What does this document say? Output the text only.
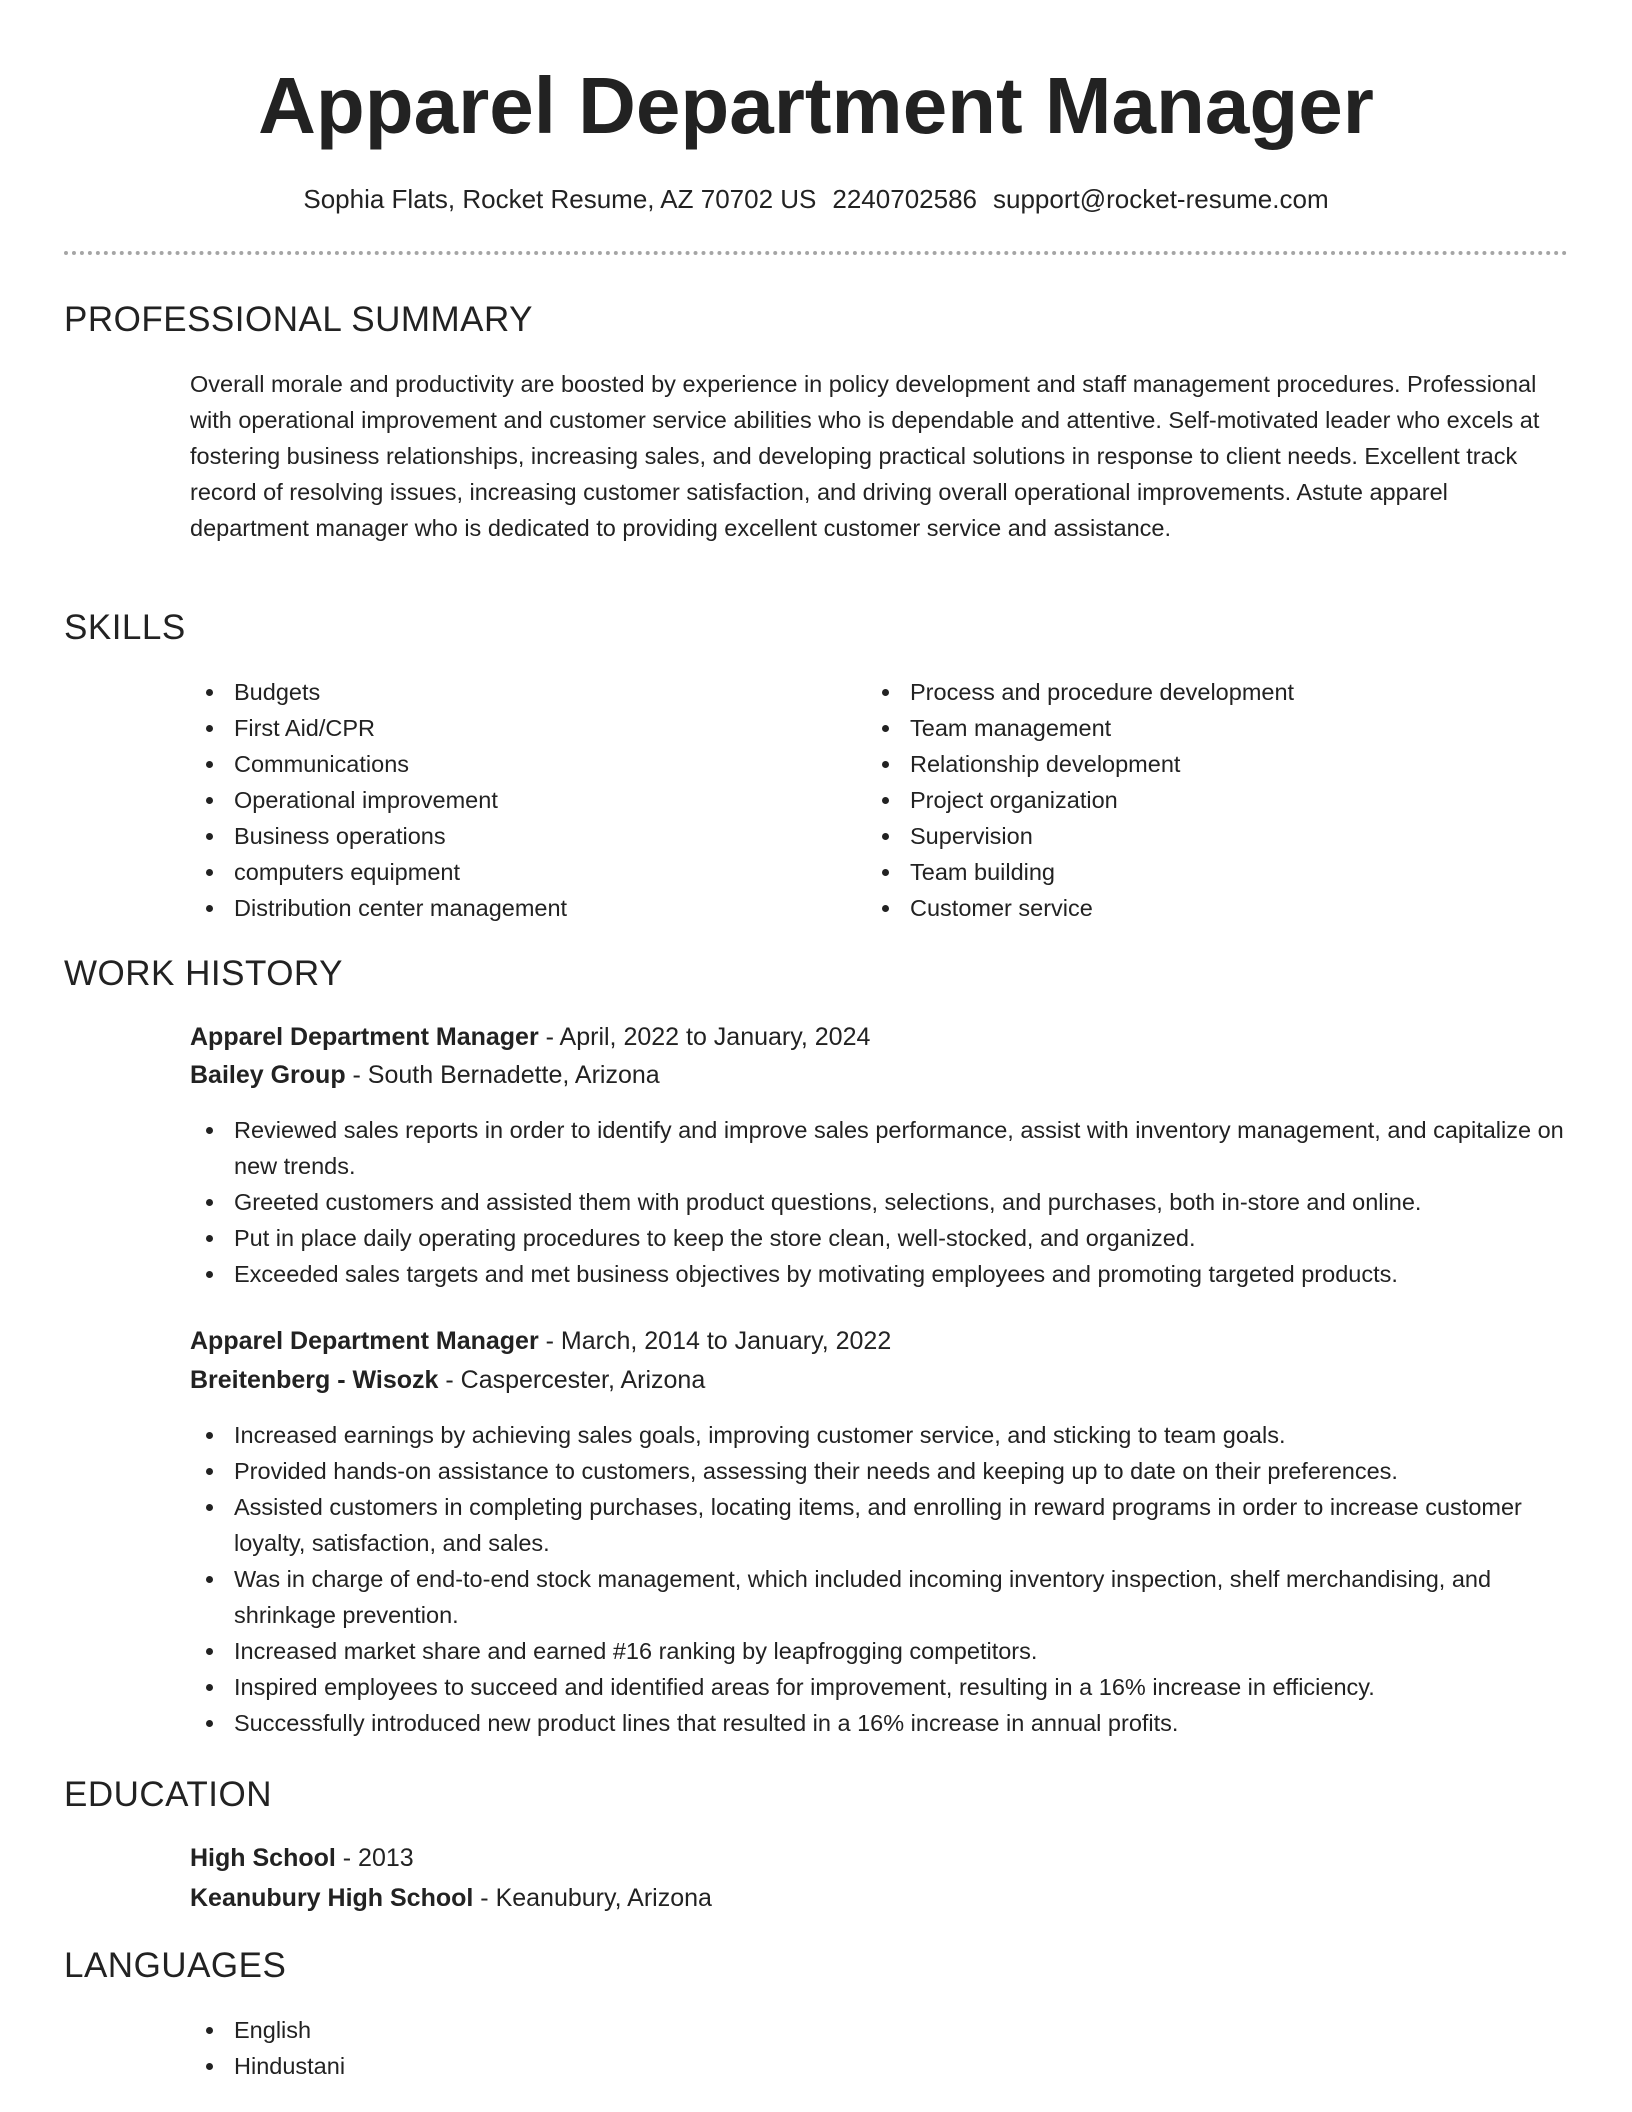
Apparel Department Manager
Sophia Flats, Rocket Resume, AZ 70702 US 2240702586 support@rocket-resume.com
PROFESSIONAL SUMMARY
Overall morale and productivity are boosted by experience in policy development and staff management procedures. Professional with operational improvement and customer service abilities who is dependable and attentive. Self-motivated leader who excels at fostering business relationships, increasing sales, and developing practical solutions in response to client needs. Excellent track record of resolving issues, increasing customer satisfaction, and driving overall operational improvements. Astute apparel department manager who is dedicated to providing excellent customer service and assistance.
SKILLS
Budgets
First Aid/CPR
Communications
Operational improvement
Business operations
computers equipment
Distribution center management
Process and procedure development
Team management
Relationship development
Project organization
Supervision
Team building
Customer service
WORK HISTORY
Apparel Department Manager - April, 2022 to January, 2024
Bailey Group - South Bernadette, Arizona
Reviewed sales reports in order to identify and improve sales performance, assist with inventory management, and capitalize on new trends.
Greeted customers and assisted them with product questions, selections, and purchases, both in-store and online.
Put in place daily operating procedures to keep the store clean, well-stocked, and organized.
Exceeded sales targets and met business objectives by motivating employees and promoting targeted products.
Apparel Department Manager - March, 2014 to January, 2022
Breitenberg - Wisozk - Caspercester, Arizona
Increased earnings by achieving sales goals, improving customer service, and sticking to team goals.
Provided hands-on assistance to customers, assessing their needs and keeping up to date on their preferences.
Assisted customers in completing purchases, locating items, and enrolling in reward programs in order to increase customer loyalty, satisfaction, and sales.
Was in charge of end-to-end stock management, which included incoming inventory inspection, shelf merchandising, and shrinkage prevention.
Increased market share and earned #16 ranking by leapfrogging competitors.
Inspired employees to succeed and identified areas for improvement, resulting in a 16% increase in efficiency.
Successfully introduced new product lines that resulted in a 16% increase in annual profits.
EDUCATION
High School - 2013
Keanubury High School - Keanubury, Arizona
LANGUAGES
English
Hindustani
